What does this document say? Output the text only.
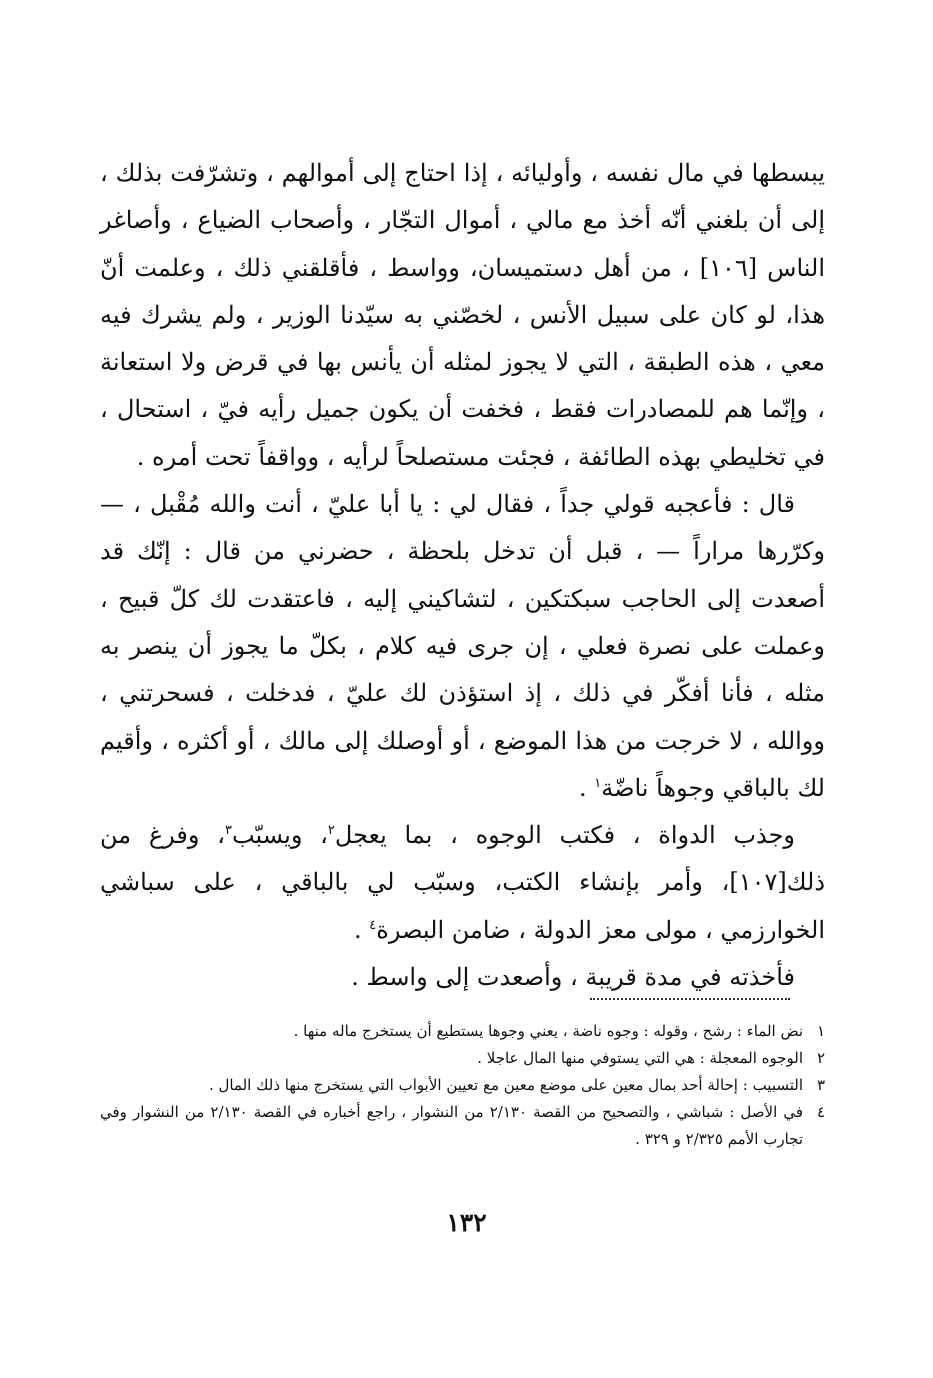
يبسطها في مال نفسه ، وأوليائه ، إذا احتاج إلى أموالهم ، وتشرّفت بذلك ، إلى أن بلغني أنّه أخذ مع مالي ، أموال التجّار ، وأصحاب الضياع ، وأصاغر الناس [١٠٦] ، من أهل دستميسان، وواسط ، فأقلقني ذلك ، وعلمت أنّ هذا، لو كان على سبيل الأنس ، لخصّني به سيّدنا الوزير ، ولم يشرك فيه معي ، هذه الطبقة ، التي لا يجوز لمثله أن يأنس بها في قرض ولا استعانة ، وإنّما هم للمصادرات فقط ، فخفت أن يكون جميل رأيه فيّ ، استحال ، في تخليطي بهذه الطائفة ، فجئت مستصلحاً لرأيه ، وواقفاً تحت أمره .

قال : فأعجبه قولي جداً ، فقال لي : يا أبا عليّ ، أنت والله مُقْبل ، — وكرّرها مراراً — ، قبل أن تدخل بلحظة ، حضرني من قال : إنّك قد أصعدت إلى الحاجب سبكتكين ، لتشاكيني إليه ، فاعتقدت لك كلّ قبيح ، وعملت على نصرة فعلي ، إن جرى فيه كلام ، بكلّ ما يجوز أن ينصر به مثله ، فأنا أفكّر في ذلك ، إذ استؤذن لك عليّ ، فدخلت ، فسحرتني ، ووالله ، لا خرجت من هذا الموضع ، أو أوصلك إلى مالك ، أو أكثره ، وأقيم لك بالباقي وجوهاً ناضّة$^١$ .

وجذب الدواة ، فكتب الوجوه ، بما يعجل$^٢$، ويسبّب$^٣$، وفرغ من ذلك[١٠٧]، وأمر بإنشاء الكتب، وسبّب لي بالباقي ، على سباشي الخوارزمي ، مولى معز الدولة ، ضامن البصرة$^٤$ .

فأخذته في مدة قريبة ، وأصعدت إلى واسط .

١
نض الماء : رشح ، وقوله : وجوه ناضة ، يعني وجوها يستطيع أن يستخرج ماله منها .
٢
الوجوه المعجلة : هي التي يستوفي منها المال عاجلا .
٣
التسبيب : إحالة أحد بمال معين على موضع معين مع تعيين الأبواب التي يستخرج منها ذلك المال .
٤
في الأصل : شباشي ، والتصحيح من القصة ٢/١٣٠ من النشوار ، راجع أخباره في القصة ٢/١٣٠ من النشوار وفي تجارب الأمم ٢/٣٢٥ و ٣٢٩ .
١٣٢
